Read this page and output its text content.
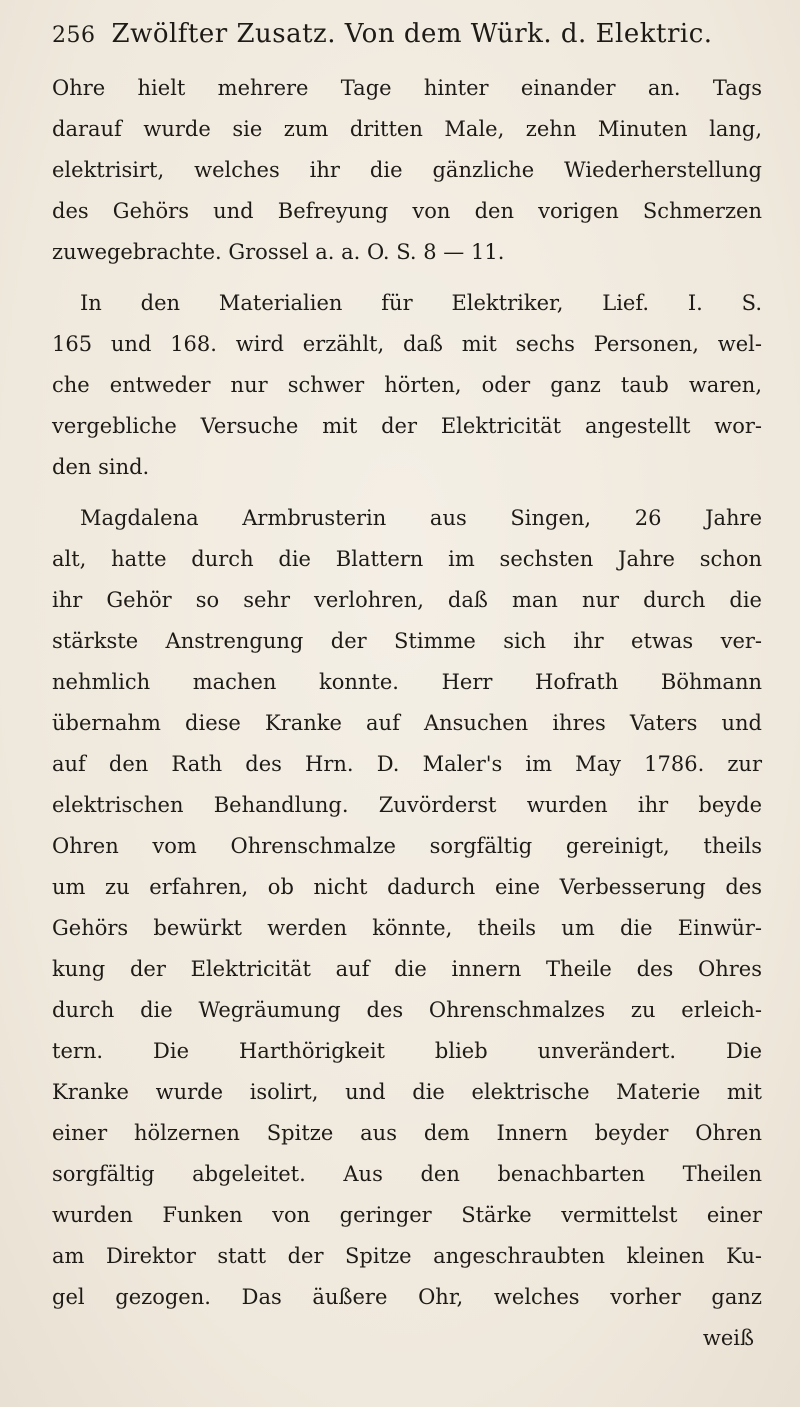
256 Zwölfter Zusatz. Von dem Würk. d. Elektric.

Ohre hielt mehrere Tage hinter einander an. Tags

darauf wurde sie zum dritten Male, zehn Minuten lang,

elektrisirt, welches ihr die gänzliche Wiederherstellung

des Gehörs und Befreyung von den vorigen Schmerzen

zuwegebrachte. Grossel a. a. O. S. 8 — 11.

In den Materialien für Elektriker, Lief. I. S.

165 und 168. wird erzählt, daß mit sechs Personen, wel-

che entweder nur schwer hörten, oder ganz taub waren,

vergebliche Versuche mit der Elektricität angestellt wor-

den sind.

Magdalena Armbrusterin aus Singen, 26 Jahre

alt, hatte durch die Blattern im sechsten Jahre schon

ihr Gehör so sehr verlohren, daß man nur durch die

stärkste Anstrengung der Stimme sich ihr etwas ver-

nehmlich machen konnte. Herr Hofrath Böhmann

übernahm diese Kranke auf Ansuchen ihres Vaters und

auf den Rath des Hrn. D. Maler's im May 1786. zur

elektrischen Behandlung. Zuvörderst wurden ihr beyde

Ohren vom Ohrenschmalze sorgfältig gereinigt, theils

um zu erfahren, ob nicht dadurch eine Verbesserung des

Gehörs bewürkt werden könnte, theils um die Einwür-

kung der Elektricität auf die innern Theile des Ohres

durch die Wegräumung des Ohrenschmalzes zu erleich-

tern. Die Harthörigkeit blieb unverändert. Die

Kranke wurde isolirt, und die elektrische Materie mit

einer hölzernen Spitze aus dem Innern beyder Ohren

sorgfältig abgeleitet. Aus den benachbarten Theilen

wurden Funken von geringer Stärke vermittelst einer

am Direktor statt der Spitze angeschraubten kleinen Ku-

gel gezogen. Das äußere Ohr, welches vorher ganz

weiß
